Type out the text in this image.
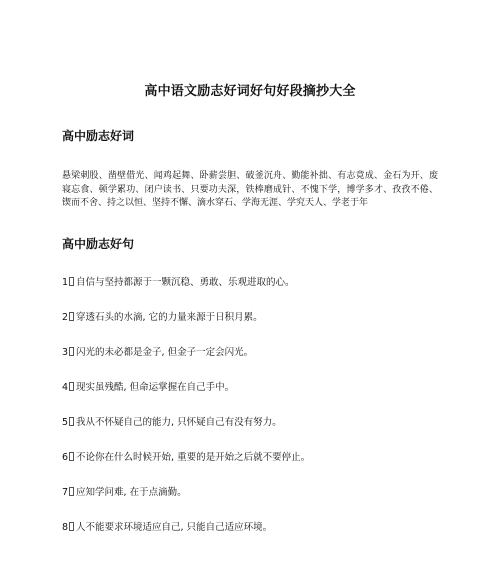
高中语文励志好词好句好段摘抄大全
高中励志好词
悬梁刺股、凿壁借光、闻鸡起舞、卧薪尝胆、破釜沉舟、勤能补拙、有志竟成、金石为开、废寝忘食、顿学累功、闭户读书、只要功夫深，铁棒磨成针、不愧下学，博学多才、孜孜不倦、锲而不舍、持之以恒、坚持不懈、滴水穿石、学海无涯、学究天人、学老于年
高中励志好句
1 自信与坚持都源于一颗沉稳、勇敢、乐观进取的心。
2 穿透石头的水滴, 它的力量来源于日积月累。
3 闪光的未必都是金子, 但金子一定会闪光。
4 现实虽残酷, 但命运掌握在自己手中。
5 我从不怀疑自己的能力, 只怀疑自己有没有努力。
6 不论你在什么时候开始, 重要的是开始之后就不要停止。
7 应知学问难, 在于点滴勤。
8 人不能要求环境适应自己, 只能自己适应环境。
